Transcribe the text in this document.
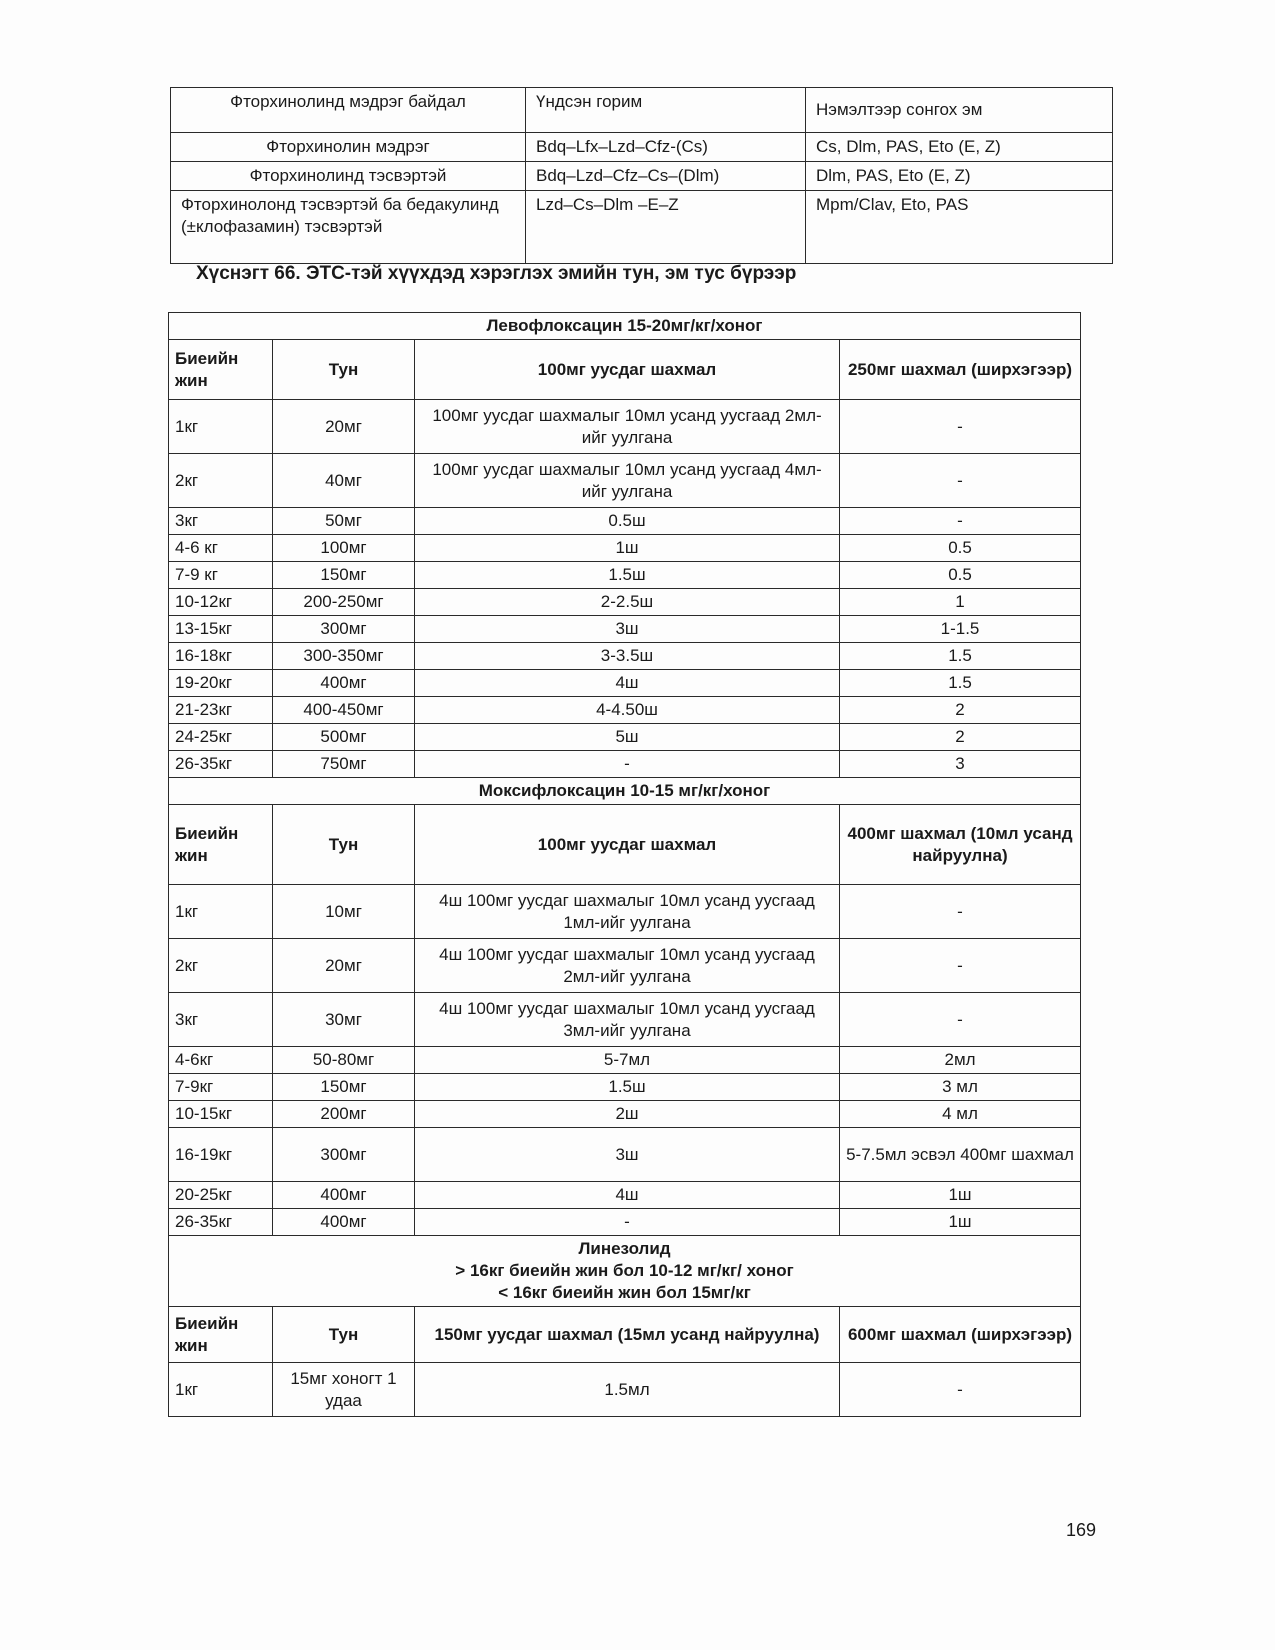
Фторхинолинд мэдрэг байдал	Үндсэн горим	Нэмэлтээр сонгох эм
Фторхинолин мэдрэг	Bdq–Lfx–Lzd–Cfz-(Cs)	Cs, Dlm, PAS, Eto (E, Z)
Фторхинолинд тэсвэртэй	Bdq–Lzd–Cfz–Cs–(Dlm)	Dlm, PAS, Eto (E, Z)
Фторхинолонд тэсвэртэй ба бедакулинд (±клофазамин) тэсвэртэй	Lzd–Cs–Dlm –E–Z	Mpm/Clav, Eto, PAS
Хүснэгт 66. ЭТС-тэй хүүхдэд хэрэглэх эмийн тун, эм тус бүрээр
Левофлоксацин 15-20мг/кг/хоног			
Биеийн жин	Тун	100мг уусдаг шахмал	250мг шахмал (ширхэгээр)
1кг	20мг	100мг уусдаг шахмалыг 10мл усанд уусгаад 2мл-ийг уулгана	-
2кг	40мг	100мг уусдаг шахмалыг 10мл усанд уусгаад 4мл-ийг уулгана	-
3кг	50мг	0.5ш	-
4-6 кг	100мг	1ш	0.5
7-9 кг	150мг	1.5ш	0.5
10-12кг	200-250мг	2-2.5ш	1
13-15кг	300мг	3ш	1-1.5
16-18кг	300-350мг	3-3.5ш	1.5
19-20кг	400мг	4ш	1.5
21-23кг	400-450мг	4-4.50ш	2
24-25кг	500мг	5ш	2
26-35кг	750мг	-	3
Моксифлоксацин 10-15 мг/кг/хоног			
Биеийн жин	Тун	100мг уусдаг шахмал	400мг шахмал (10мл усанд найруулна)
1кг	10мг	4ш 100мг уусдаг шахмалыг 10мл усанд уусгаад 1мл-ийг уулгана	-
2кг	20мг	4ш 100мг уусдаг шахмалыг 10мл усанд уусгаад 2мл-ийг уулгана	-
3кг	30мг	4ш 100мг уусдаг шахмалыг 10мл усанд уусгаад 3мл-ийг уулгана	-
4-6кг	50-80мг	5-7мл	2мл
7-9кг	150мг	1.5ш	3 мл
10-15кг	200мг	2ш	4 мл
16-19кг	300мг	3ш	5-7.5мл эсвэл 400мг шахмал
20-25кг	400мг	4ш	1ш
26-35кг	400мг	-	1ш

Линезолид
> 16кг биеийн жин бол 10-12 мг/кг/ хоног
< 16кг биеийн жин бол 15мг/кг			

Биеийн жин	Тун	150мг уусдаг шахмал (15мл усанд найруулна)	600мг шахмал (ширхэгээр)
1кг	15мг хоногт 1 удаа	1.5мл	-
169
